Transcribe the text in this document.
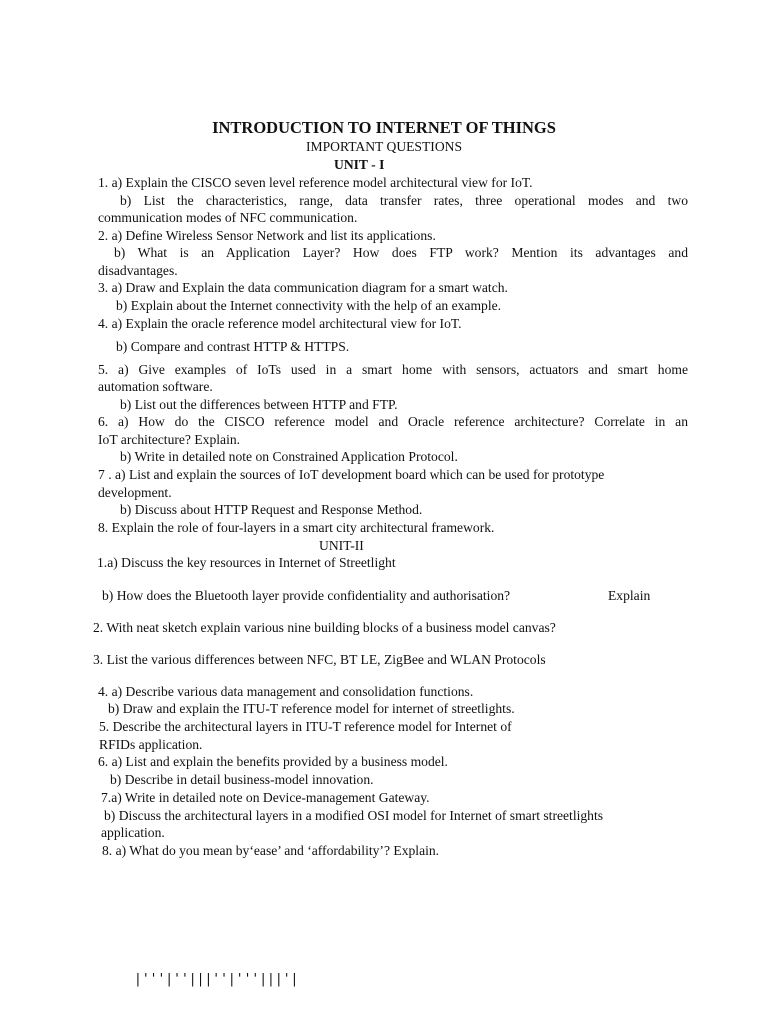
INTRODUCTION TO INTERNET OF THINGS
IMPORTANT QUESTIONS
UNIT - I
1. a) Explain the CISCO seven level reference model architectural view for IoT.
b) List the characteristics, range, data transfer rates, three operational modes and two
communication modes of NFC communication.
2. a) Define Wireless Sensor Network and list its applications.
b) What is an Application Layer? How does FTP work? Mention its advantages and
disadvantages.
3. a) Draw and Explain the data communication diagram for a smart watch.
b) Explain about the Internet connectivity with the help of an example.
4. a) Explain the oracle reference model architectural view for IoT.
b) Compare and contrast HTTP & HTTPS.
5. a) Give examples of IoTs used in a smart home with sensors, actuators and smart home
automation software.
b) List out the differences between HTTP and FTP.
6. a) How do the CISCO reference model and Oracle reference architecture? Correlate in an
IoT architecture? Explain.
b) Write in detailed note on Constrained Application Protocol.
7 . a) List and explain the sources of IoT development board which can be used for prototype
development.
b) Discuss about HTTP Request and Response Method.
8. Explain the role of four-layers in a smart city architectural framework.
UNIT-II
1.a) Discuss the key resources in Internet of Streetlight
b) How does the Bluetooth layer provide confidentiality and authorisation?	Explain
2. With neat sketch explain various nine building blocks of a business model canvas?
3. List the various differences between NFC, BT LE, ZigBee and WLAN Protocols
4. a) Describe various data management and consolidation functions.
b) Draw and explain the ITU-T reference model for internet of streetlights.
5. Describe the architectural layers in ITU-T reference model for Internet of
RFIDs application.
6. a) List and explain the benefits provided by a business model.
b) Describe in detail business-model innovation.
7.a) Write in detailed note on Device-management Gateway.
b) Discuss the architectural layers in a modified OSI model for Internet of smart streetlights
application.
8. a) What do you mean by‘ease’ and ‘affordability’? Explain.
|'''|''|||''|'''|||'|
